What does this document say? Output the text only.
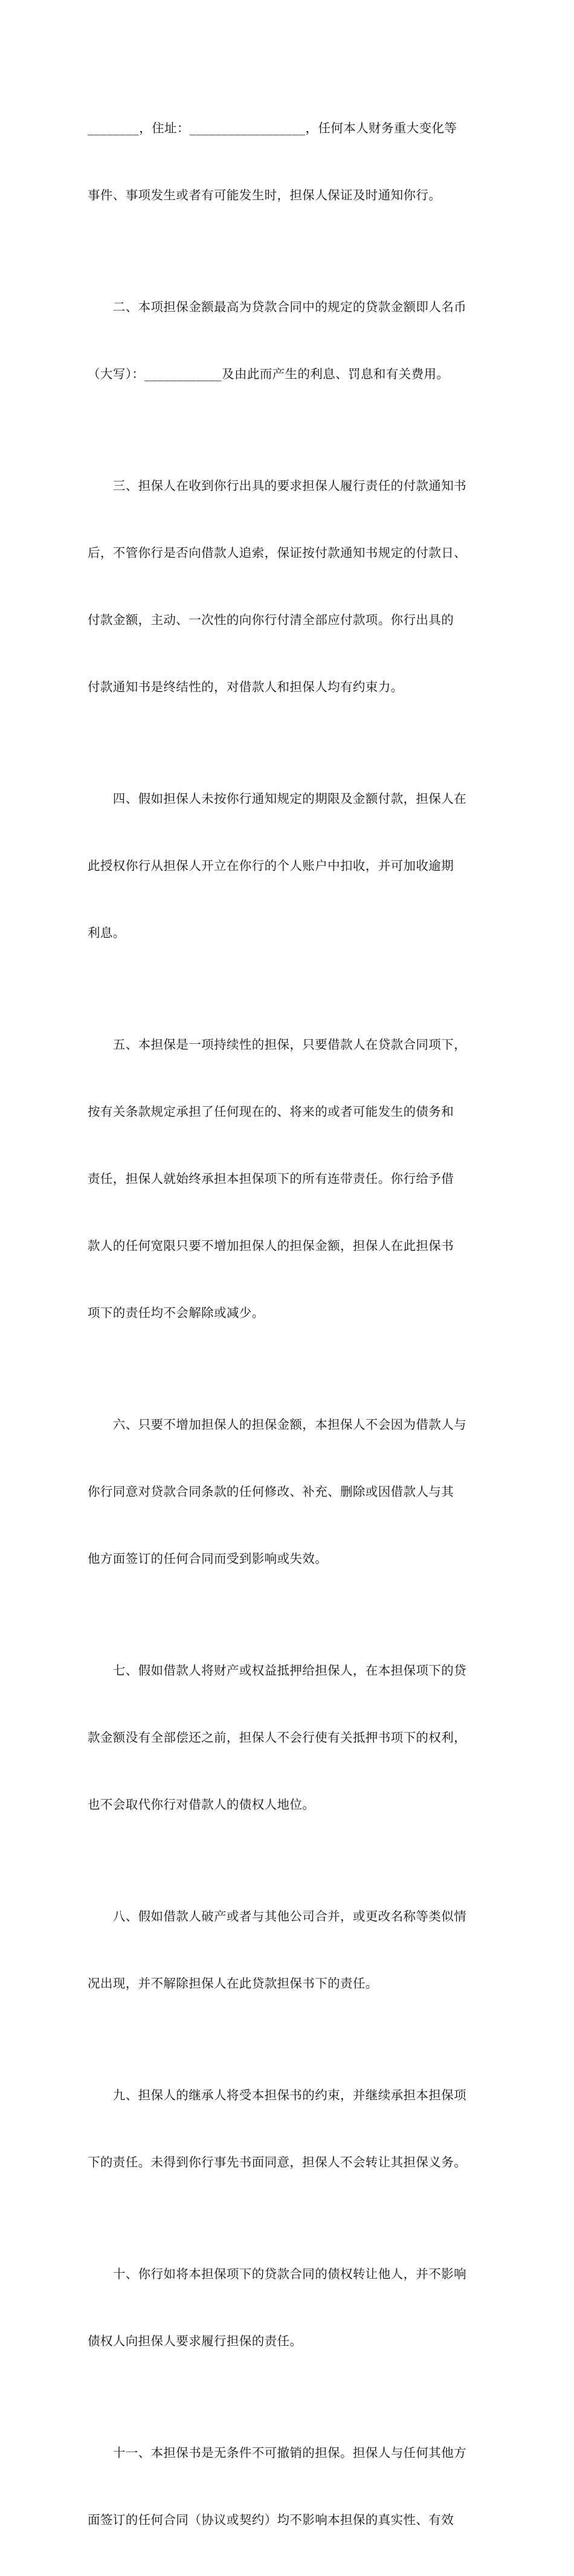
________，住址：__________________，任何本人财务重大变化等

事件、事项发生或者有可能发生时，担保人保证及时通知你行。

　　二、本项担保金额最高为贷款合同中的规定的贷款金额即人名币

（大写）：____________及由此而产生的利息、罚息和有关费用。

　　三、担保人在收到你行出具的要求担保人履行责任的付款通知书

后，不管你行是否向借款人追索，保证按付款通知书规定的付款日、

付款金额，主动、一次性的向你行付清全部应付款项。你行出具的

付款通知书是终结性的，对借款人和担保人均有约束力。

　　四、假如担保人未按你行通知规定的期限及金额付款，担保人在

此授权你行从担保人开立在你行的个人账户中扣收，并可加收逾期

利息。

　　五、本担保是一项持续性的担保，只要借款人在贷款合同项下，

按有关条款规定承担了任何现在的、将来的或者可能发生的债务和

责任，担保人就始终承担本担保项下的所有连带责任。你行给予借

款人的任何宽限只要不增加担保人的担保金额，担保人在此担保书

项下的责任均不会解除或减少。

　　六、只要不增加担保人的担保金额，本担保人不会因为借款人与

你行同意对贷款合同条款的任何修改、补充、删除或因借款人与其

他方面签订的任何合同而受到影响或失效。

　　七、假如借款人将财产或权益抵押给担保人，在本担保项下的贷

款金额没有全部偿还之前，担保人不会行使有关抵押书项下的权利，

也不会取代你行对借款人的债权人地位。

　　八、假如借款人破产或者与其他公司合并，或更改名称等类似情

况出现，并不解除担保人在此贷款担保书下的责任。

　　九、担保人的继承人将受本担保书的约束，并继续承担本担保项

下的责任。未得到你行事先书面同意，担保人不会转让其担保义务。

　　十、你行如将本担保项下的贷款合同的债权转让他人，并不影响

债权人向担保人要求履行担保的责任。

　　十一、本担保书是无条件不可撤销的担保。担保人与任何其他方

面签订的任何合同（协议或契约）均不影响本担保的真实性、有效
